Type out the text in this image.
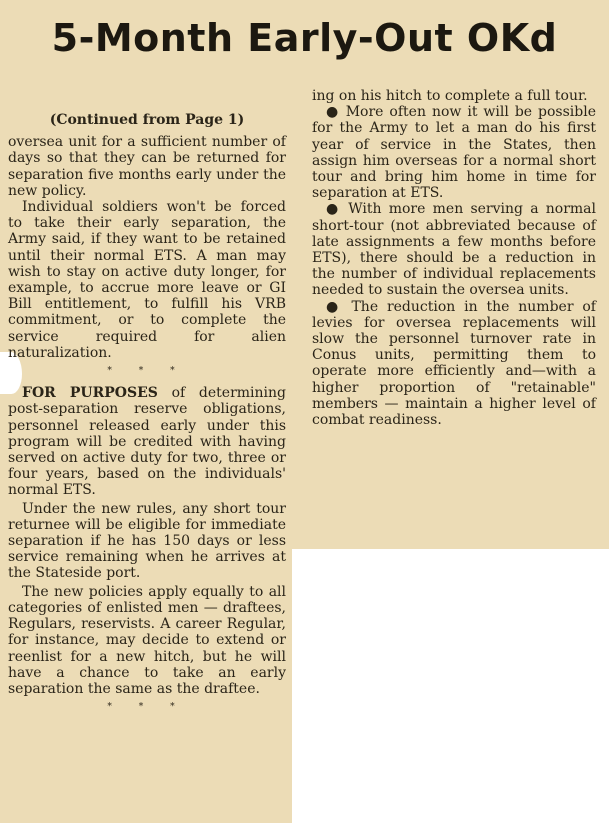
5-Month Early-Out OKd
(Continued from Page 1)

oversea unit for a sufficient number of days so that they can be returned for separation five months early under the new policy.

Individual soldiers won't be forced to take their early separation, the Army said, if they want to be retained until their normal ETS. A man may wish to stay on active duty longer, for example, to accrue more leave or GI Bill entitlement, to fulfill his VRB commitment, or to complete the service required for alien naturalization.

* * *

FOR PURPOSES of determining post-separation reserve obligations, personnel released early under this program will be credited with having served on active duty for two, three or four years, based on the individuals' normal ETS.

Under the new rules, any short tour returnee will be eligible for immediate separation if he has 150 days or less service remaining when he arrives at the Stateside port.

The new policies apply equally to all categories of enlisted men — draftees, Regulars, reservists. A career Regular, for instance, may decide to extend or reenlist for a new hitch, but he will have a chance to take an early separation the same as the draftee.

* * *

ing on his hitch to complete a full tour.

● More often now it will be possible for the Army to let a man do his first year of service in the States, then assign him overseas for a normal short tour and bring him home in time for separation at ETS.

● With more men serving a normal short-tour (not abbreviated because of late assignments a few months before ETS), there should be a reduction in the number of individual replacements needed to sustain the oversea units.

● The reduction in the number of levies for oversea replacements will slow the personnel turnover rate in Conus units, permitting them to operate more efficiently and—with a higher proportion of "retainable" members — maintain a higher level of combat readiness.
